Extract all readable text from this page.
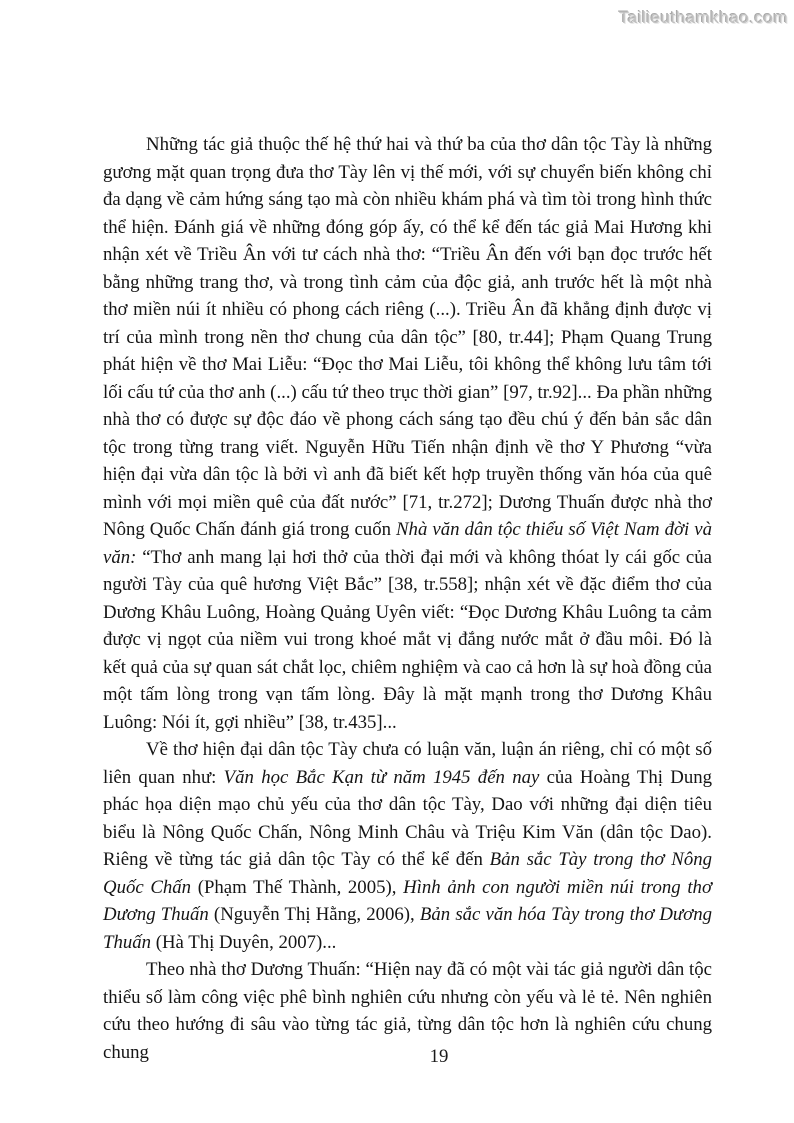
Tailieuthamkhao.com

Những tác giả thuộc thế hệ thứ hai và thứ ba của thơ dân tộc Tày là những gương mặt quan trọng đưa thơ Tày lên vị thế mới, với sự chuyển biến không chỉ đa dạng về cảm hứng sáng tạo mà còn nhiều khám phá và tìm tòi trong hình thức thể hiện. Đánh giá về những đóng góp ấy, có thể kể đến tác giả Mai Hương khi nhận xét về Triều Ân với tư cách nhà thơ: “Triều Ân đến với bạn đọc trước hết bằng những trang thơ, và trong tình cảm của độc giả, anh trước hết là một nhà thơ miền núi ít nhiều có phong cách riêng (...). Triều Ân đã khẳng định được vị trí của mình trong nền thơ chung của dân tộc” [80, tr.44]; Phạm Quang Trung phát hiện về thơ Mai Liễu: “Đọc thơ Mai Liễu, tôi không thể không lưu tâm tới lối cấu tứ của thơ anh (...) cấu tứ theo trục thời gian” [97, tr.92]... Đa phần những nhà thơ có được sự độc đáo về phong cách sáng tạo đều chú ý đến bản sắc dân tộc trong từng trang viết. Nguyễn Hữu Tiến nhận định về thơ Y Phương “vừa hiện đại vừa dân tộc là bởi vì anh đã biết kết hợp truyền thống văn hóa của quê mình với mọi miền quê của đất nước” [71, tr.272]; Dương Thuấn được nhà thơ Nông Quốc Chấn đánh giá trong cuốn Nhà văn dân tộc thiểu số Việt Nam đời và văn: “Thơ anh mang lại hơi thở của thời đại mới và không thóat ly cái gốc của người Tày của quê hương Việt Bắc” [38, tr.558]; nhận xét về đặc điểm thơ của Dương Khâu Luông, Hoàng Quảng Uyên viết: “Đọc Dương Khâu Luông ta cảm được vị ngọt của niềm vui trong khoé mắt vị đắng nước mắt ở đầu môi. Đó là kết quả của sự quan sát chắt lọc, chiêm nghiệm và cao cả hơn là sự hoà đồng của một tấm lòng trong vạn tấm lòng. Đây là mặt mạnh trong thơ Dương Khâu Luông: Nói ít, gợi nhiều” [38, tr.435]...

Về thơ hiện đại dân tộc Tày chưa có luận văn, luận án riêng, chỉ có một số liên quan như: Văn học Bắc Kạn từ năm 1945 đến nay của Hoàng Thị Dung phác họa diện mạo chủ yếu của thơ dân tộc Tày, Dao với những đại diện tiêu biểu là Nông Quốc Chấn, Nông Minh Châu và Triệu Kim Văn (dân tộc Dao). Riêng về từng tác giả dân tộc Tày có thể kể đến Bản sắc Tày trong thơ Nông Quốc Chấn (Phạm Thế Thành, 2005), Hình ảnh con người miền núi trong thơ Dương Thuấn (Nguyễn Thị Hằng, 2006), Bản sắc văn hóa Tày trong thơ Dương Thuấn (Hà Thị Duyên, 2007)...

Theo nhà thơ Dương Thuấn: “Hiện nay đã có một vài tác giả người dân tộc thiểu số làm công việc phê bình nghiên cứu nhưng còn yếu và lẻ tẻ. Nên nghiên cứu theo hướng đi sâu vào từng tác giả, từng dân tộc hơn là nghiên cứu chung chung	19
